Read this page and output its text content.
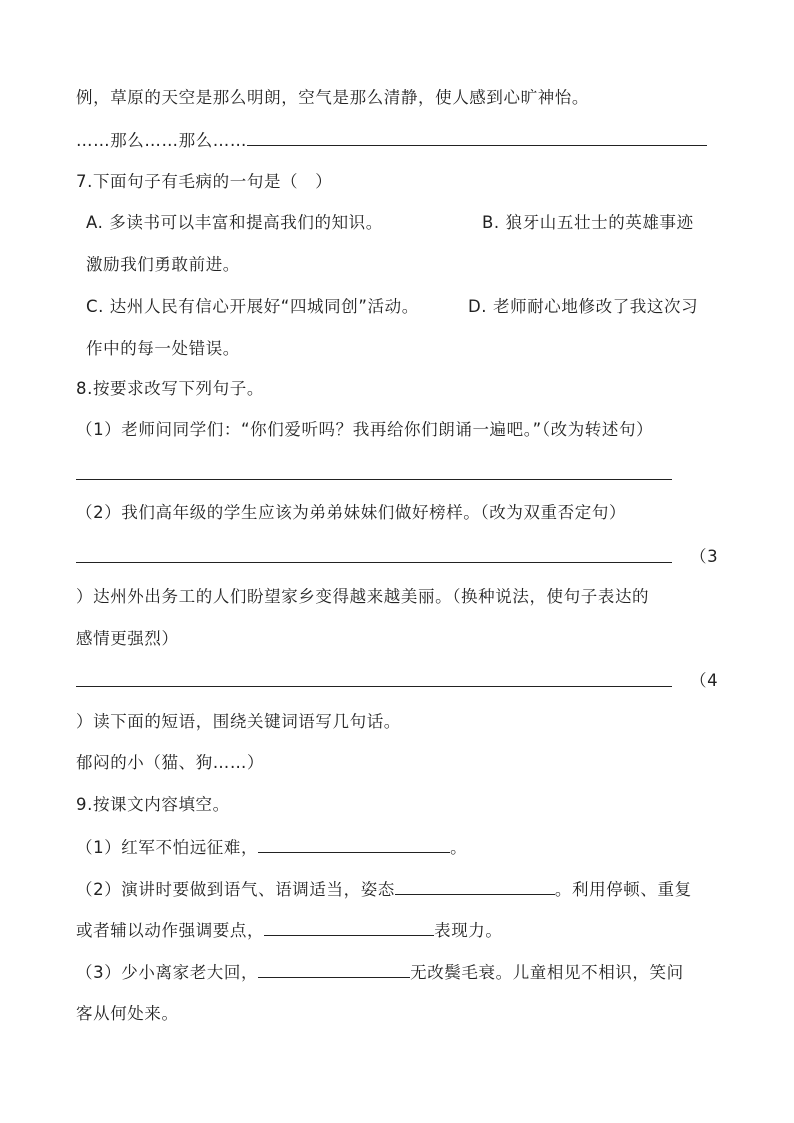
例，草原的天空是那么明朗，空气是那么清静，使人感到心旷神怡。
……那么……那么……
7.下面句子有毛病的一句是（　）
A. 多读书可以丰富和提高我们的知识。	B. 狼牙山五壮士的英雄事迹
激励我们勇敢前进。
C. 达州人民有信心开展好“四城同创”活动。	D. 老师耐心地修改了我这次习
作中的每一处错误。
8.按要求改写下列句子。
（1）老师问同学们：“你们爱听吗？我再给你们朗诵一遍吧。”（改为转述句）
（2）我们高年级的学生应该为弟弟妹妹们做好榜样。（改为双重否定句）
（3
）达州外出务工的人们盼望家乡变得越来越美丽。（换种说法，使句子表达的
感情更强烈）
（4
）读下面的短语，围绕关键词语写几句话。
郁闷的小（猫、狗……）
9.按课文内容填空。
（1）红军不怕远征难，	。
（2）演讲时要做到语气、语调适当，姿态	。利用停顿、重复
或者辅以动作强调要点，	表现力。
（3）少小离家老大回，	无改鬓毛衰。儿童相见不相识，笑问
客从何处来。
